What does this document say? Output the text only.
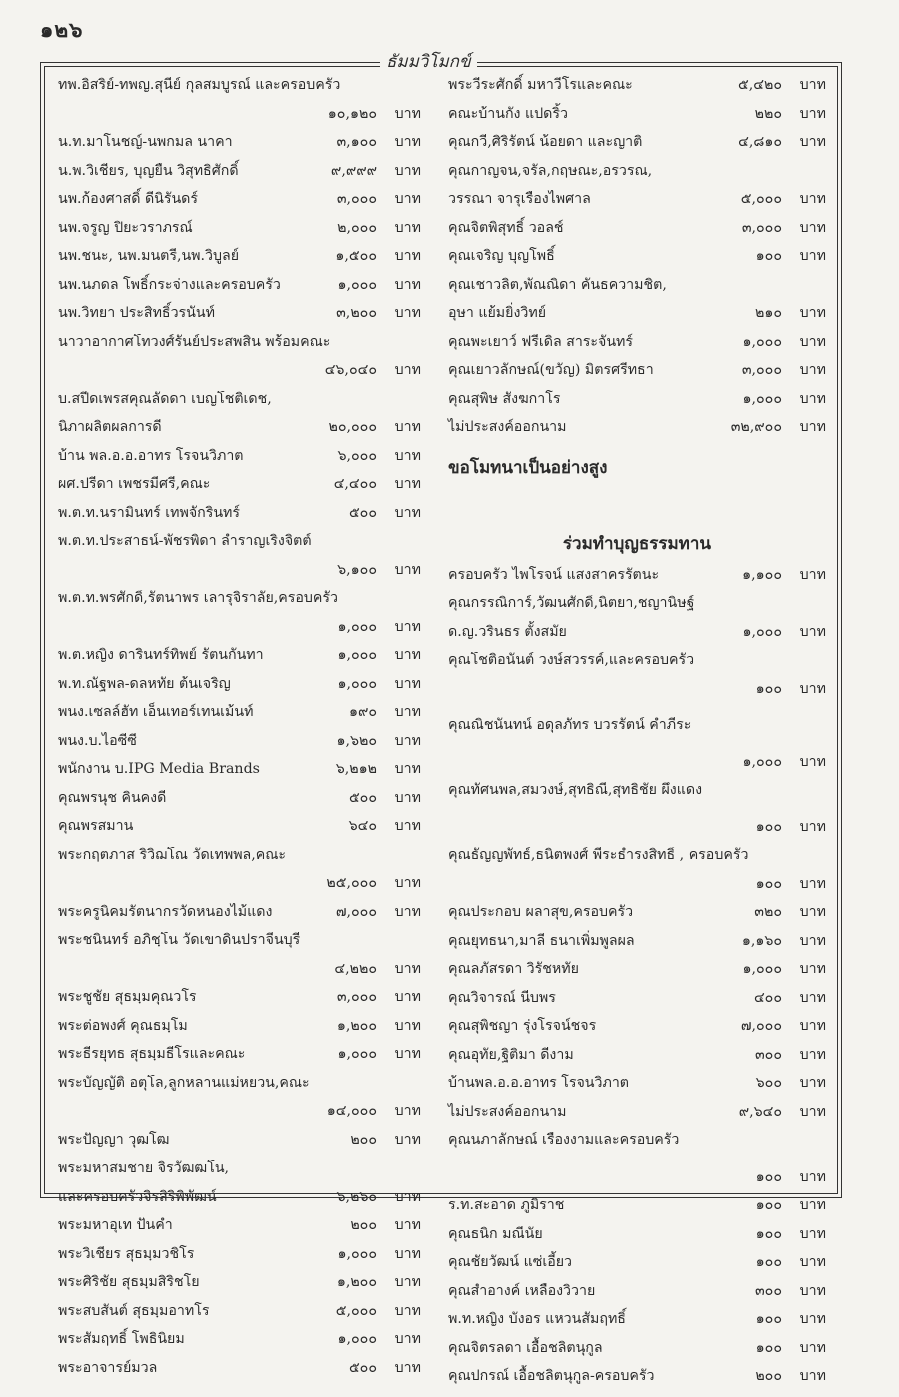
๑๒๖
ธัมมวิโมกข์
ทพ.อิสริย์-ทพญ.สุนีย์ กุลสมบูรณ์ และครอบครัว
๑๐,๑๒๐	บาท
น.ท.มาโนชญ์-นพกมล นาคา	๓,๑๐๐ บาท
น.พ.วิเชียร, บุญยืน วิสุทธิศักดิ์	๙,๙๙๙ บาท
นพ.ก้องศาสดิ์ ดีนิรันดร์	๓,๐๐๐ บาท
นพ.จรูญ ปิยะวราภรณ์	๒,๐๐๐ บาท
นพ.ชนะ, นพ.มนตรี,นพ.วิบูลย์	๑,๕๐๐ บาท
นพ.นภดล โพธิ์กระจ่างและครอบครัว	๑,๐๐๐ บาท
นพ.วิทยา ประสิทธิ์วรนันท์	๓,๒๐๐ บาท
นาวาอากาศโทวงศ์รันย์ประสพสิน พร้อมคณะ
๔๖,๐๔๐	บาท
บ.สปีดเพรสคุณลัดดา เบญโชติเดช,
นิภาผลิตผลการดี	๒๐,๐๐๐ บาท
บ้าน พล.อ.อ.อาทร โรจนวิภาต	๖,๐๐๐ บาท
ผศ.ปรีดา เพชรมีศรี,คณะ	๔,๔๐๐ บาท
พ.ต.ท.นรามินทร์ เทพจักรินทร์	๕๐๐ บาท
พ.ต.ท.ประสาธน์-พัชรพิดา ลำราญเริงจิตต์
๖,๑๐๐	บาท
พ.ต.ท.พรศักดิ์,รัตนาพร เลารุจิราลัย,ครอบครัว
๑,๐๐๐	บาท
พ.ต.หญิง ดารินทร์ทิพย์ รัตนกันทา	๑,๐๐๐ บาท
พ.ท.ณัฐพล-ดลหทัย ต้นเจริญ	๑,๐๐๐ บาท
พนง.เซลล์ฮัท เอ็นเทอร์เทนเม้นท์	๑๙๐ บาท
พนง.บ.ไอซีซี	๑,๖๒๐ บาท
พนักงาน บ.IPG Media Brands	๖,๒๑๒ บาท
คุณพรนุช คินคงดี	๕๐๐ บาท
คุณพรสมาน	๖๔๐ บาท
พระกฤตภาส ริวิฌโณ วัดเทพพล,คณะ
๒๕,๐๐๐	บาท
พระครูนิคมรัตนากรวัดหนองไม้แดง	๗,๐๐๐ บาท
พระชนินทร์ อภิชฺโน วัดเขาดินปราจีนบุรี
๔,๒๒๐	บาท
พระชูชัย สุธมฺมคุณวโร	๓,๐๐๐ บาท
พระต่อพงศ์ คุณธมฺโม	๑,๒๐๐ บาท
พระธีรยุทธ สุธมฺมธีโรและคณะ	๑,๐๐๐ บาท
พระบัญญัติ อตุโล,ลูกหลานแม่หยวน,คณะ
๑๔,๐๐๐	บาท
พระปัญญา วุฒโฒ	๒๐๐ บาท
พระมหาสมชาย จิรวัฒฒโน,
และครอบครัวจิรสิริพิพัฒน์	๖,๒๖๐ บาท
พระมหาอุเท ปันคำ	๒๐๐ บาท
พระวิเชียร สุธมฺมวชิโร	๑,๐๐๐ บาท
พระศิริชัย สุธมฺมสิริชโย	๑,๒๐๐ บาท
พระสบสันต์ สุธมฺมอาทโร	๕,๐๐๐ บาท
พระสัมฤทธิ์ โพธินิยม	๑,๐๐๐ บาท
พระอาจารย์มวล	๕๐๐ บาท
พระวีระศักดิ์ มหาวีโรและคณะ	๕,๔๒๐ บาท
คณะบ้านกัง แปดริ้ว	๒๒๐ บาท
คุณกวี,ศิริรัตน์ น้อยดา และญาติ	๔,๘๑๐ บาท
คุณกาญจน,จรัล,กฤษณะ,อรวรณ,
วรรณา จารุเรืองไพศาล	๕,๐๐๐ บาท
คุณจิตพิสุทธิ์ วอลช์	๓,๐๐๐ บาท
คุณเจริญ บุญโพธิ์	๑๐๐ บาท
คุณเชาวลิต,พัณณิดา คันธความชิต,
อุษา แย้มยิ่งวิทย์	๒๑๐ บาท
คุณพะเยาว์ ฟรีเดิล สาระจันทร์	๑,๐๐๐ บาท
คุณเยาวลักษณ์(ขวัญ) มิตรศรีทธา	๓,๐๐๐ บาท
คุณสุพิษ สังฆกาโร	๑,๐๐๐ บาท
ไม่ประสงค์ออกนาม	๓๒,๙๐๐ บาท
ขอโมทนาเป็นอย่างสูง
ร่วมทำบุญธรรมทาน
ครอบครัว ไพโรจน์ แสงสาครรัตนะ	๑,๑๐๐ บาท
คุณกรรณิการ์,วัฒนศักดิ์,นิตยา,ชญานิษฐ์
ด.ญ.วรินธร ตั้งสมัย	๑,๐๐๐ บาท
คุณโชติอนันต์ วงษ์สวรรค์,และครอบครัว
๑๐๐	บาท
คุณณิชนันทน์ อดุลภัทร บวรรัตน์ คำภีระ
๑,๐๐๐	บาท
คุณทัศนพล,สมวงษ์,สุทธิณี,สุทธิชัย ผึ้งแดง
๑๐๐	บาท
คุณธัญญพัทธ์,ธนิตพงศ์ พีระธำรงสิทธิ์ , ครอบครัว
๑๐๐	บาท
คุณประกอบ ผลาสุข,ครอบครัว	๓๒๐ บาท
คุณยุทธนา,มาลี ธนาเพิ่มพูลผล	๑,๑๖๐ บาท
คุณลภัสรดา วิรัชหทัย	๑,๐๐๐ บาท
คุณวิจารณ์ นีบพร	๔๐๐ บาท
คุณสุพิชญา รุ่งโรจน์ชจร	๗,๐๐๐ บาท
คุณอุทัย,ฐิติมา ดีงาม	๓๐๐ บาท
บ้านพล.อ.อ.อาทร โรจนวิภาต	๖๐๐ บาท
ไม่ประสงค์ออกนาม	๙,๖๔๐ บาท
คุณนภาลักษณ์ เรืองงามและครอบครัว
๑๐๐	บาท
ร.ท.สะอาด ภูมิราช	๑๐๐ บาท
คุณธนิก มณีนัย	๑๐๐ บาท
คุณชัยวัฒน์ แซ่เอี้ยว	๑๐๐ บาท
คุณสำอางค์ เหลืองวิวาย	๓๐๐ บาท
พ.ท.หญิง บังอร แหวนสัมฤทธิ์	๑๐๐ บาท
คุณจิตรลดา เอื้อชลิตนุกูล	๑๐๐ บาท
คุณปกรณ์ เอื้อชลิตนุกูล-ครอบครัว	๒๐๐ บาท
